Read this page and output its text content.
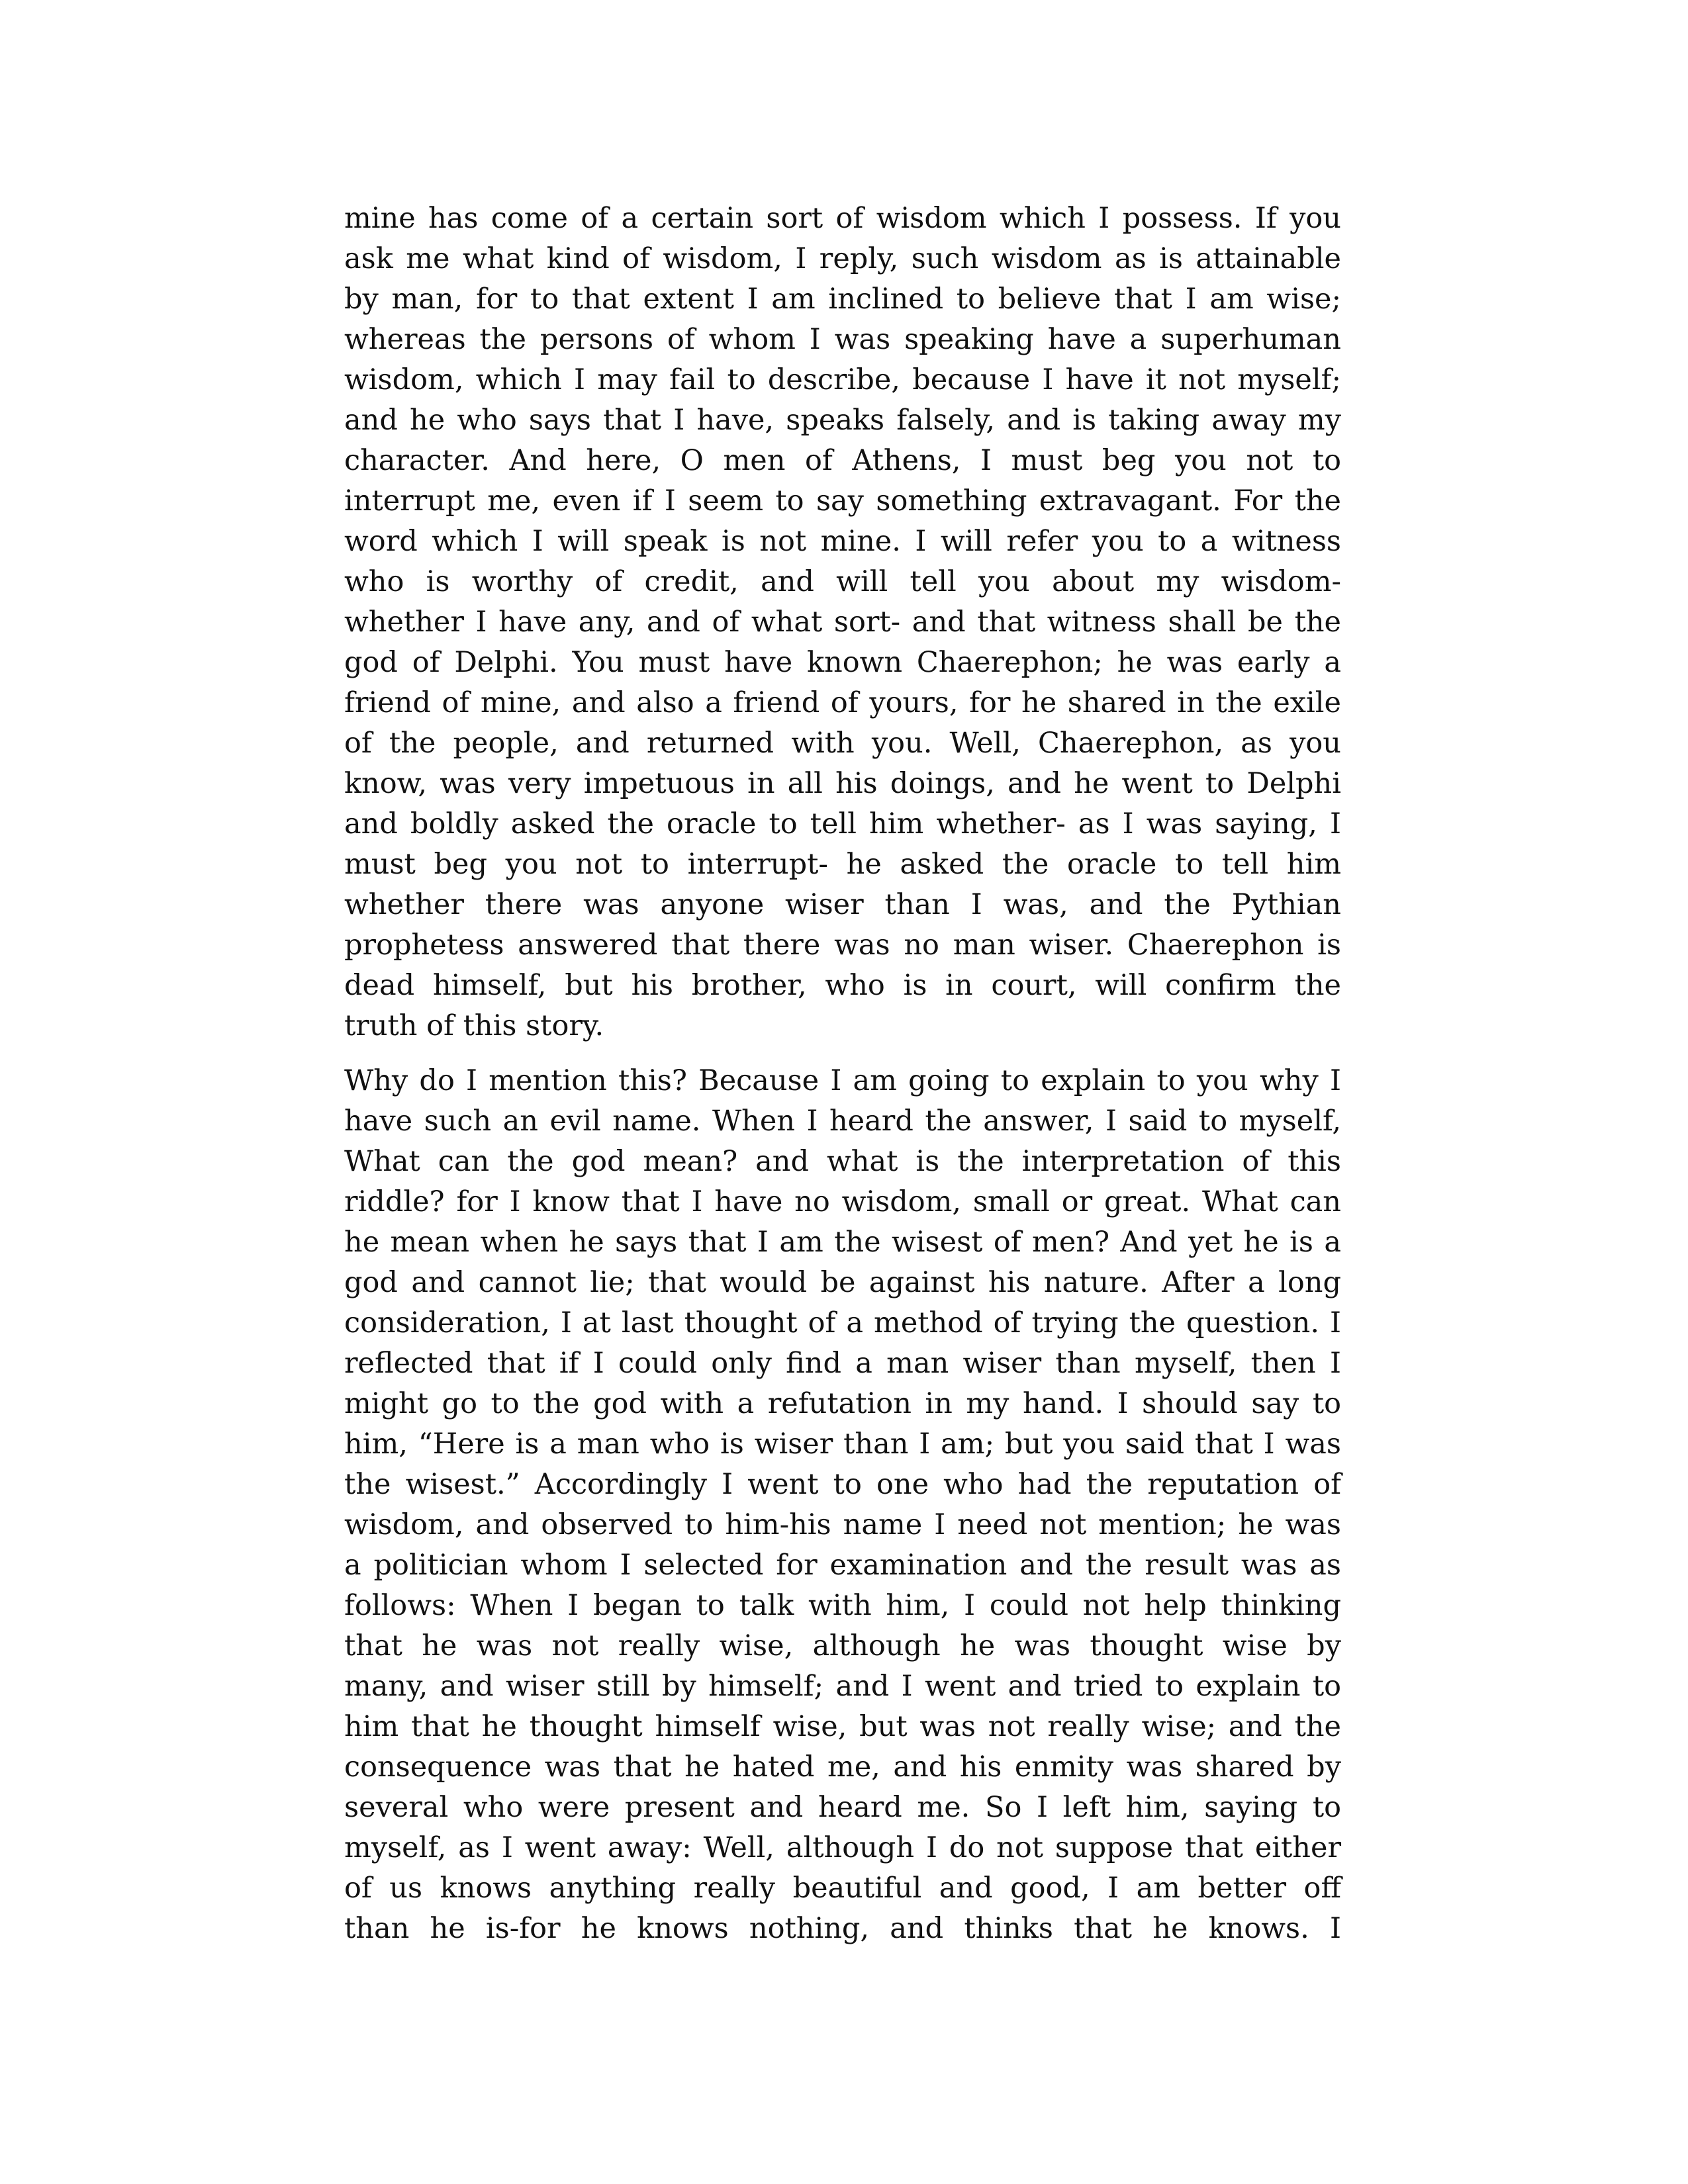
mine has come of a certain sort of wisdom which I possess. If you
ask me what kind of wisdom, I reply, such wisdom as is attainable
by man, for to that extent I am inclined to believe that I am wise;
whereas the persons of whom I was speaking have a superhuman
wisdom, which I may fail to describe, because I have it not myself;
and he who says that I have, speaks falsely, and is taking away my
character. And here, O men of Athens, I must beg you not to
interrupt me, even if I seem to say something extravagant. For the
word which I will speak is not mine. I will refer you to a witness
who is worthy of credit, and will tell you about my wisdom-
whether I have any, and of what sort- and that witness shall be the
god of Delphi. You must have known Chaerephon; he was early a
friend of mine, and also a friend of yours, for he shared in the exile
of the people, and returned with you. Well, Chaerephon, as you
know, was very impetuous in all his doings, and he went to Delphi
and boldly asked the oracle to tell him whether- as I was saying, I
must beg you not to interrupt- he asked the oracle to tell him
whether there was anyone wiser than I was, and the Pythian
prophetess answered that there was no man wiser. Chaerephon is
dead himself, but his brother, who is in court, will confirm the
truth of this story.

Why do I mention this? Because I am going to explain to you why I
have such an evil name. When I heard the answer, I said to myself,
What can the god mean? and what is the interpretation of this
riddle? for I know that I have no wisdom, small or great. What can
he mean when he says that I am the wisest of men? And yet he is a
god and cannot lie; that would be against his nature. After a long
consideration, I at last thought of a method of trying the question. I
reflected that if I could only find a man wiser than myself, then I
might go to the god with a refutation in my hand. I should say to
him, “Here is a man who is wiser than I am; but you said that I was
the wisest.” Accordingly I went to one who had the reputation of
wisdom, and observed to him-his name I need not mention; he was
a politician whom I selected for examination and the result was as
follows: When I began to talk with him, I could not help thinking
that he was not really wise, although he was thought wise by
many, and wiser still by himself; and I went and tried to explain to
him that he thought himself wise, but was not really wise; and the
consequence was that he hated me, and his enmity was shared by
several who were present and heard me. So I left him, saying to
myself, as I went away: Well, although I do not suppose that either
of us knows anything really beautiful and good, I am better off
than he is-for he knows nothing, and thinks that he knows. I
